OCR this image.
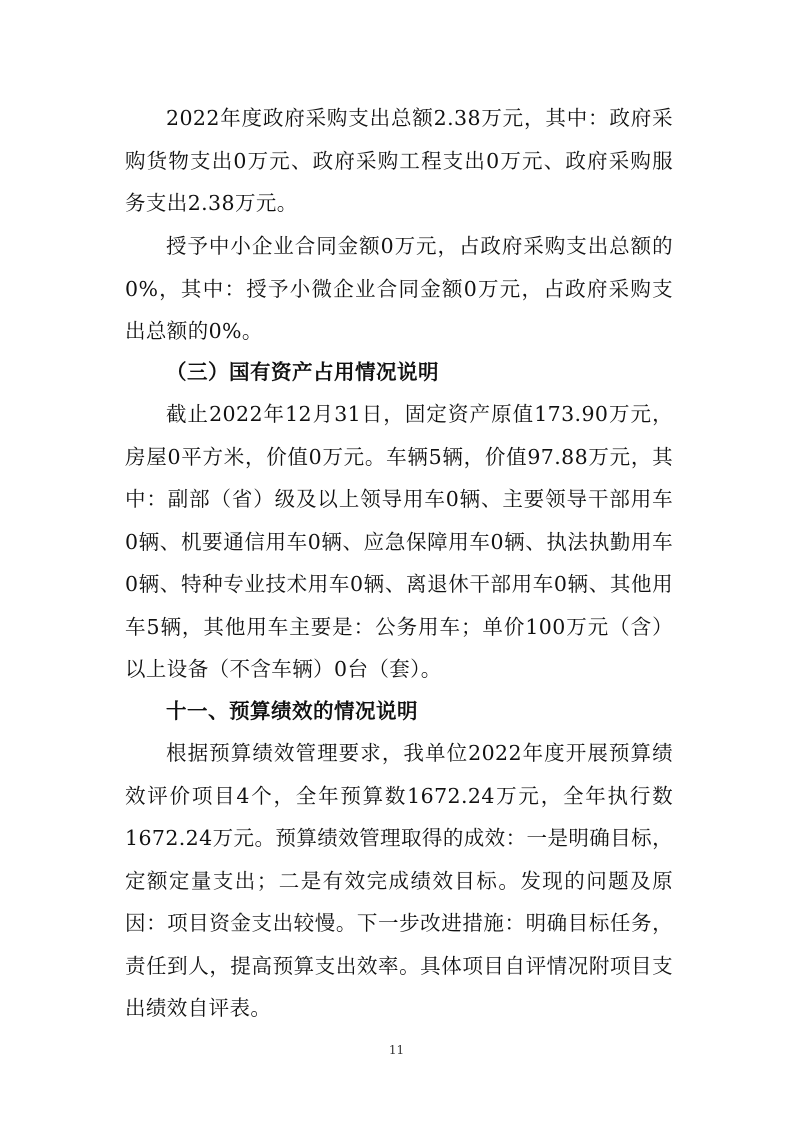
2022年度政府采购支出总额2.38万元，其中：政府采购货物支出0万元、政府采购工程支出0万元、政府采购服务支出2.38万元。

授予中小企业合同金额0万元，占政府采购支出总额的0%，其中：授予小微企业合同金额0万元，占政府采购支出总额的0%。

（三）国有资产占用情况说明

截止2022年12月31日，固定资产原值173.90万元，房屋0平方米，价值0万元。车辆5辆，价值97.88万元，其中：副部（省）级及以上领导用车0辆、主要领导干部用车0辆、机要通信用车0辆、应急保障用车0辆、执法执勤用车0辆、特种专业技术用车0辆、离退休干部用车0辆、其他用车5辆，其他用车主要是：公务用车；单价100万元（含）以上设备（不含车辆）0台（套）。

十一、预算绩效的情况说明

根据预算绩效管理要求，我单位2022年度开展预算绩效评价项目4个，全年预算数1672.24万元，全年执行数1672.24万元。预算绩效管理取得的成效：一是明确目标，定额定量支出；二是有效完成绩效目标。发现的问题及原因：项目资金支出较慢。下一步改进措施：明确目标任务，责任到人，提高预算支出效率。具体项目自评情况附项目支出绩效自评表。

11
